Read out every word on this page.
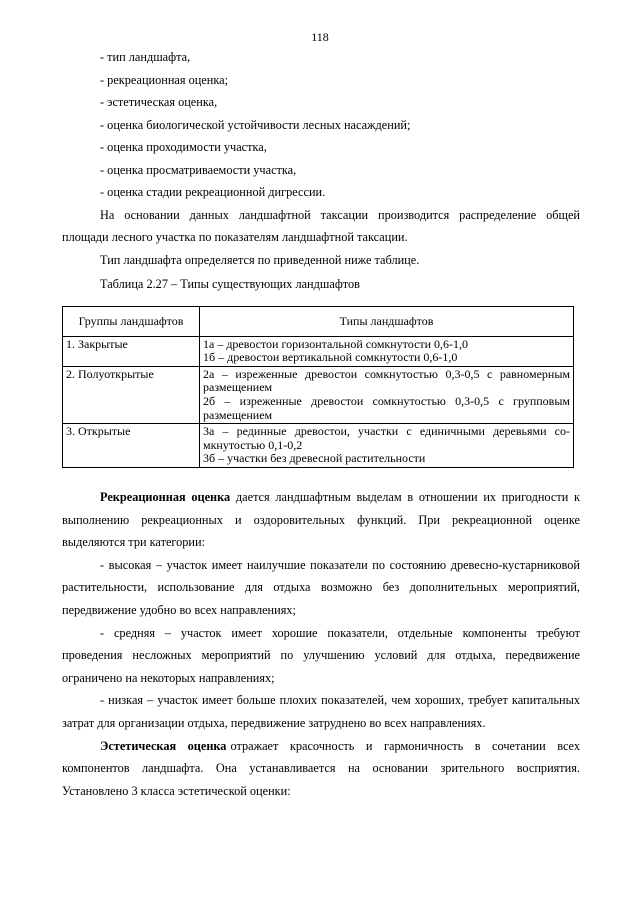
118
- тип ландшафта,
- рекреационная оценка;
- эстетическая оценка,
- оценка биологической устойчивости лесных насаждений;
- оценка проходимости участка,
- оценка просматриваемости участка,
- оценка стадии рекреационной дигрессии.
На основании данных ландшафтной таксации производится распределение общей площади лесного участка по показателям ландшафтной таксации.
Тип ландшафта определяется по приведенной ниже таблице.
Таблица 2.27 – Типы существующих ландшафтов
Группы ландшафтов	Типы ландшафтов
1. Закрытые	1а – древостои горизонтальной сомкнутости 0,6-1,0
1б – древостои вертикальной сомкнутости 0,6-1,0

2. Полуоткрытые	2а – изреженные древостои сомкнутостью 0,3-0,5 с равномерным размещением
2б – изреженные древостои сомкнутостью 0,3-0,5 с групповым размещением

3. Открытые	3а – рединные древостои, участки с единичными деревьями со-мкнутостью 0,1-0,2
3б – участки без древесной растительности
Рекреационная оценка дается ландшафтным выделам в отношении их пригодности к выполнению рекреационных и оздоровительных функций. При рекреационной оценке выделяются три категории:
- высокая – участок имеет наилучшие показатели по состоянию древесно-кустарниковой растительности, использование для отдыха возможно без дополнительных мероприятий, передвижение удобно во всех направлениях;
- средняя – участок имеет хорошие показатели, отдельные компоненты требуют проведения несложных мероприятий по улучшению условий для отдыха, передвижение ограничено на некоторых направлениях;
- низкая – участок имеет больше плохих показателей, чем хороших, требует капитальных затрат для организации отдыха, передвижение затруднено во всех направлениях.
Эстетическая оценка отражает красочность и гармоничность в сочетании всех компонентов ландшафта. Она устанавливается на основании зрительного восприятия. Установлено 3 класса эстетической оценки:
